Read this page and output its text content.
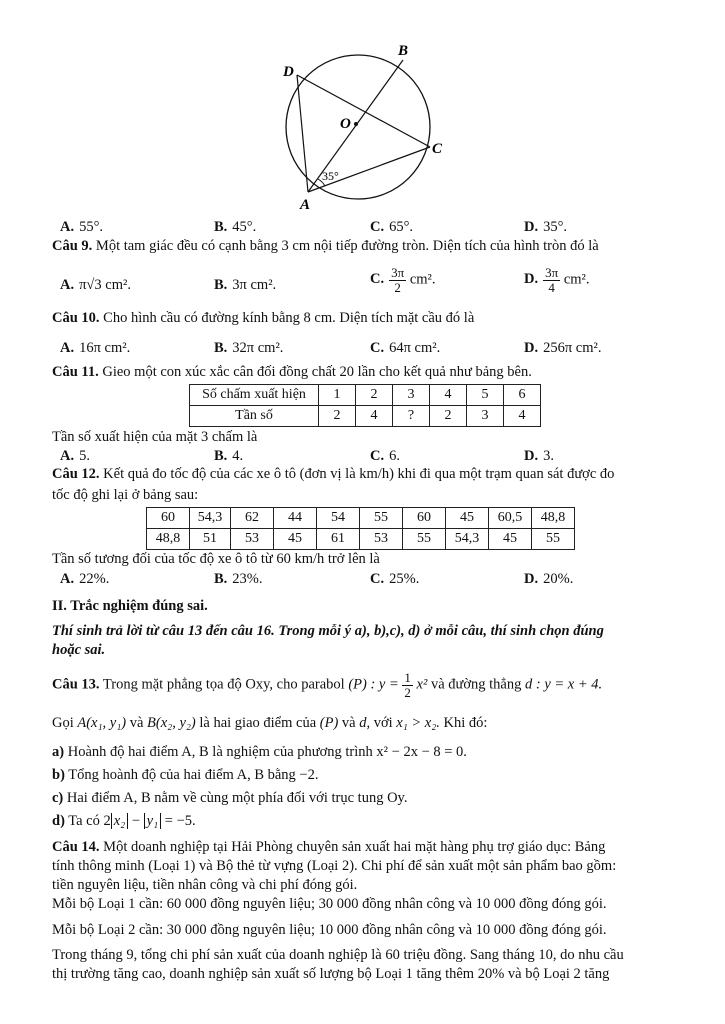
B
D
O
C
A
35°
A. 55°.	B. 45°.	C. 65°.	D. 35°.
Câu 9. Một tam giác đều có cạnh bằng 3 cm nội tiếp đường tròn. Diện tích của hình tròn đó là
A. π√3 cm².	B. 3π cm².	C. $\frac{3\pi}{2} cm^2$.	D. $\frac{3\pi}{4} cm^2$.
Câu 10. Cho hình cầu có đường kính bằng 8 cm. Diện tích mặt cầu đó là
A. 16π cm².	B. 32π cm².	C. 64π cm².	D. 256π cm².
Câu 11. Gieo một con xúc xắc cân đối đồng chất 20 lần cho kết quả như bảng bên.
Số chấm xuất hiện	1	2	3	4	5	6
Tần số	2	4	?	2	3	4
Tần số xuất hiện của mặt 3 chấm là
A. 5.	B. 4.	C. 6.	D. 3.
Câu 12. Kết quả đo tốc độ của các xe ô tô (đơn vị là km/h) khi đi qua một trạm quan sát được đo
tốc độ ghi lại ở bảng sau:
60	54,3	62	44	54	55	60	45	60,5	48,8
48,8	51	53	45	61	53	55	54,3	45	55
Tần số tương đối của tốc độ xe ô tô từ 60 km/h trở lên là
A. 22%.	B. 23%.	C. 25%.	D. 20%.
II. Trắc nghiệm đúng sai.
Thí sinh trả lời từ câu 13 đến câu 16. Trong mỗi ý a), b),c), d) ở mỗi câu, thí sinh chọn đúng
hoặc sai.
Câu 13. Trong mặt phẳng tọa độ Oxy, cho parabol (P) : $y = \frac{1}{2} x^2$ và đường thẳng d : y = x + 4.
Gọi A(x₁, y₁) và B(x₂, y₂) là hai giao điểm của (P) và d, với x₁ > x₂. Khi đó:
a) Hoành độ hai điểm A, B là nghiệm của phương trình x² − 2x − 8 = 0.
b) Tổng hoành độ của hai điểm A, B bằng −2.
c) Hai điểm A, B nằm về cùng một phía đối với trục tung Oy.
d) Ta có 2 x₂ − y₁ = −5.
Câu 14. Một doanh nghiệp tại Hải Phòng chuyên sản xuất hai mặt hàng phụ trợ giáo dục: Bảng
tính thông minh (Loại 1) và Bộ thẻ từ vựng (Loại 2). Chi phí để sản xuất một sản phẩm bao gồm:
tiền nguyên liệu, tiền nhân công và chi phí đóng gói.
Mỗi bộ Loại 1 cần: 60 000 đồng nguyên liệu; 30 000 đồng nhân công và 10 000 đồng đóng gói.
Mỗi bộ Loại 2 cần: 30 000 đồng nguyên liệu; 10 000 đồng nhân công và 10 000 đồng đóng gói.
Trong tháng 9, tổng chi phí sản xuất của doanh nghiệp là 60 triệu đồng. Sang tháng 10, do nhu cầu
thị trường tăng cao, doanh nghiệp sản xuất số lượng bộ Loại 1 tăng thêm 20% và bộ Loại 2 tăng
